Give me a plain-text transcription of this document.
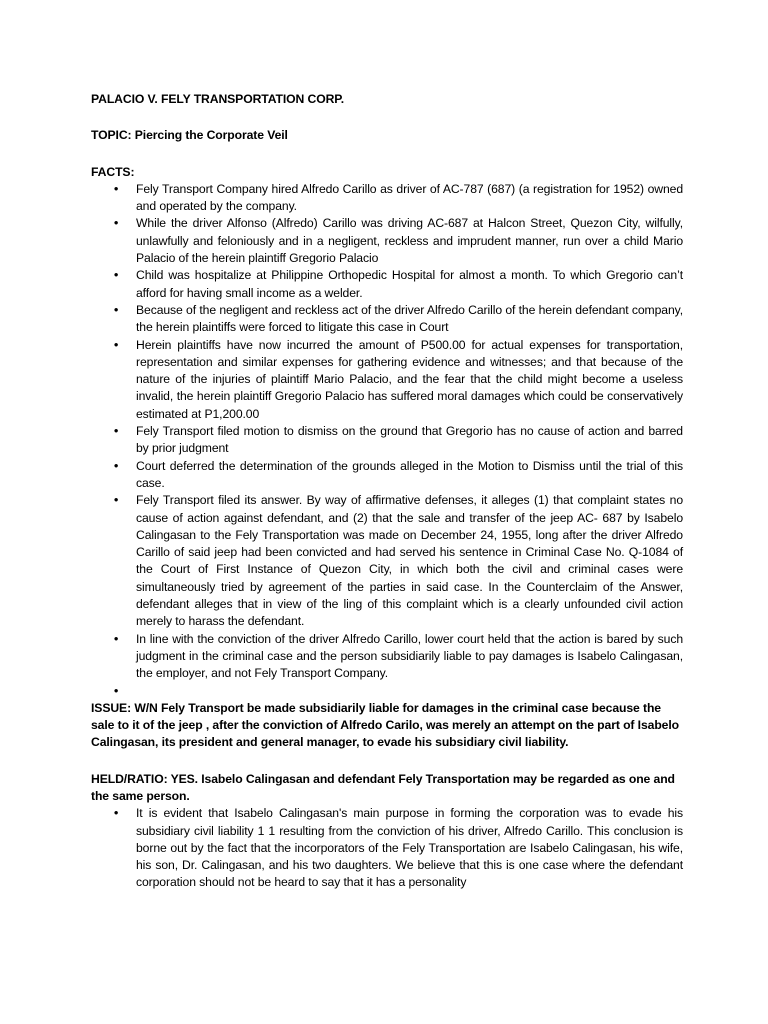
PALACIO V. FELY TRANSPORTATION CORP.
TOPIC: Piercing the Corporate Veil
FACTS:
•	Fely Transport Company hired Alfredo Carillo as driver of AC-787 (687) (a registration for 1952) owned and operated by the company.
•	While the driver Alfonso (Alfredo) Carillo was driving AC-687 at Halcon Street, Quezon City, wilfully, unlawfully and feloniously and in a negligent, reckless and imprudent manner, run over a child Mario Palacio of the herein plaintiff Gregorio Palacio
•	Child was hospitalize at Philippine Orthopedic Hospital for almost a month. To which Gregorio can’t afford for having small income as a welder.
•	Because of the negligent and reckless act of the driver Alfredo Carillo of the herein defendant company, the herein plaintiffs were forced to litigate this case in Court
•	Herein plaintiffs have now incurred the amount of P500.00 for actual expenses for transportation, representation and similar expenses for gathering evidence and witnesses; and that because of the nature of the injuries of plaintiff Mario Palacio, and the fear that the child might become a useless invalid, the herein plaintiff Gregorio Palacio has suffered moral damages which could be conservatively estimated at P1,200.00
•	Fely Transport filed motion to dismiss on the ground that Gregorio has no cause of action and barred by prior judgment
•	Court deferred the determination of the grounds alleged in the Motion to Dismiss until the trial of this case.
•	Fely Transport filed its answer. By way of affirmative defenses, it alleges (1) that complaint states no cause of action against defendant, and (2) that the sale and transfer of the jeep AC- 687 by Isabelo Calingasan to the Fely Transportation was made on December 24, 1955, long after the driver Alfredo Carillo of said jeep had been convicted and had served his sentence in Criminal Case No. Q-1084 of the Court of First Instance of Quezon City, in which both the civil and criminal cases were simultaneously tried by agreement of the parties in said case. In the Counterclaim of the Answer, defendant alleges that in view of the ling of this complaint which is a clearly unfounded civil action merely to harass the defendant.
•	In line with the conviction of the driver Alfredo Carillo, lower court held that the action is bared by such judgment in the criminal case and the person subsidiarily liable to pay damages is Isabelo Calingasan, the employer, and not Fely Transport Company.
•

ISSUE: W/N Fely Transport be made subsidiarily liable for damages in the criminal case because the sale to it of the jeep , after the conviction of Alfredo Carilo, was merely an attempt on the part of Isabelo Calingasan, its president and general manager, to evade his subsidiary civil liability.
HELD/RATIO: YES. Isabelo Calingasan and defendant Fely Transportation may be regarded as one and the same person.
•	It is evident that Isabelo Calingasan's main purpose in forming the corporation was to evade his subsidiary civil liability 1 1 resulting from the conviction of his driver, Alfredo Carillo. This conclusion is borne out by the fact that the incorporators of the Fely Transportation are Isabelo Calingasan, his wife, his son, Dr. Calingasan, and his two daughters. We believe that this is one case where the defendant corporation should not be heard to say that it has a personality
